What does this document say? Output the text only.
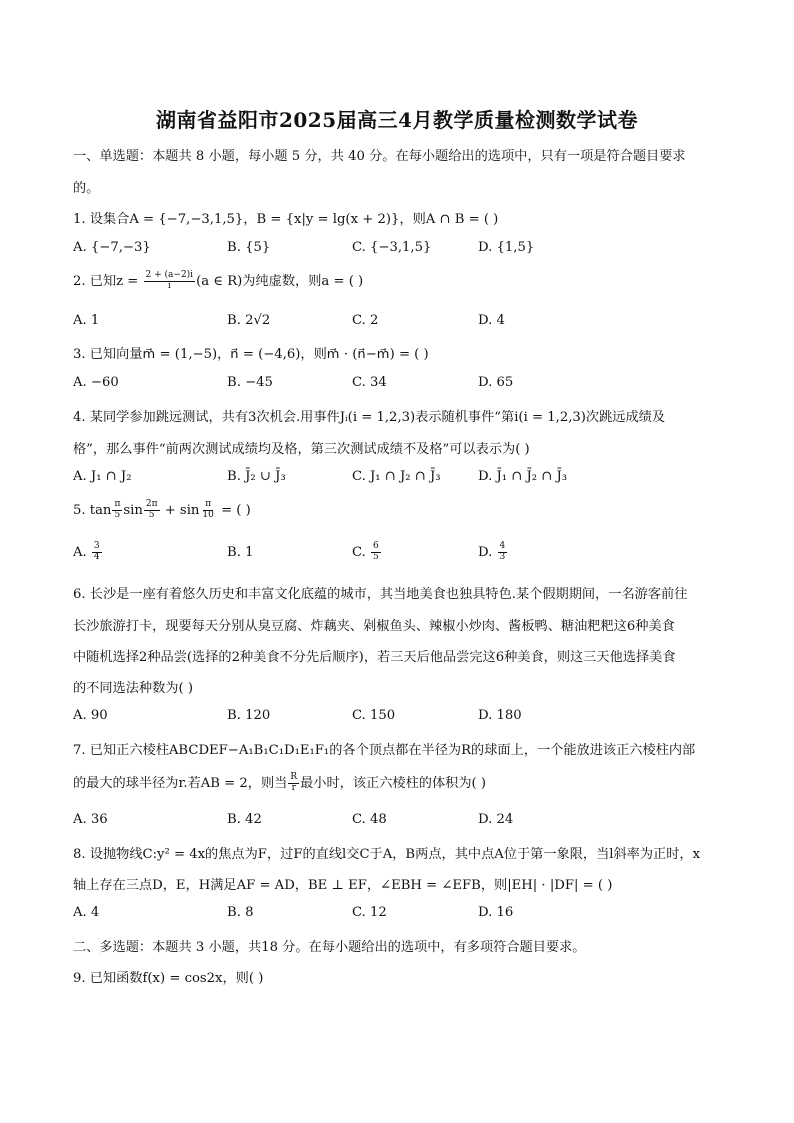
湖南省益阳市2025届高三4月教学质量检测数学试卷
一、单选题：本题共 8 小题，每小题 5 分，共 40 分。在每小题给出的选项中，只有一项是符合题目要求
的。
1. 设集合A = {−7,−3,1,5}，B = {x|y = lg(x + 2)}，则A ∩ B = ( )
A. {−7,−3}	B. {5}	C. {−3,1,5}	D. {1,5}
2. 已知$z = \frac{2 + (a-2)i}{i} (a$ ∈ R)为纯虚数，则a = ( )
A. 1	B. 2√2	C. 2	D. 4
3. 已知向量m⃗ = (1,−5)，n⃗ = (−4,6)，则m⃗ · (n⃗−m⃗) = ( )
A. −60	B. −45	C. 34	D. 65
4. 某同学参加跳远测试，共有3次机会.用事件Jᵢ(i = 1,2,3)表示随机事件“第i(i = 1,2,3)次跳远成绩及
格”，那么事件“前两次测试成绩均及格，第三次测试成绩不及格”可以表示为( )
A. J₁ ∩ J₂	B. J̄₂ ∪ J̄₃	C. J₁ ∩ J₂ ∩ J̄₃	D. J̄₁ ∩ J̄₂ ∩ J̄₃
5. $\tan \frac{\pi}{5}$ $\sin \frac{2\pi}{5} + \sin \frac{\pi}{10}$ = ( )
A. $\frac{3}{4}$	B. 1	C. $\frac{6}{5}$	D. $\frac{4}{3}$
6. 长沙是一座有着悠久历史和丰富文化底蕴的城市，其当地美食也独具特色.某个假期期间，一名游客前往
长沙旅游打卡，现要每天分别从臭豆腐、炸藕夹、剁椒鱼头、辣椒小炒肉、酱板鸭、糖油粑粑这6种美食
中随机选择2种品尝(选择的2种美食不分先后顺序)，若三天后他品尝完这6种美食，则这三天他选择美食
的不同选法种数为( )
A. 90	B. 120	C. 150	D. 180
7. 已知正六棱柱ABCDEF−A₁B₁C₁D₁E₁F₁的各个顶点都在半径为R的球面上，一个能放进该正六棱柱内部
的最大的球半径为r.若AB = 2，则当 $\frac{R}{r}$ 最小时，该正六棱柱的体积为( )
A. 36	B. 42	C. 48	D. 24
8. 设抛物线C:y² = 4x的焦点为F，过F的直线l交C于A，B两点，其中点A位于第一象限，当l斜率为正时，x
轴上存在三点D，E，H满足AF = AD，BE ⊥ EF，∠EBH = ∠EFB，则|EH| · |DF| = ( )
A. 4	B. 8	C. 12	D. 16
二、多选题：本题共 3 小题，共18 分。在每小题给出的选项中，有多项符合题目要求。
9. 已知函数f(x) = cos2x，则( )
